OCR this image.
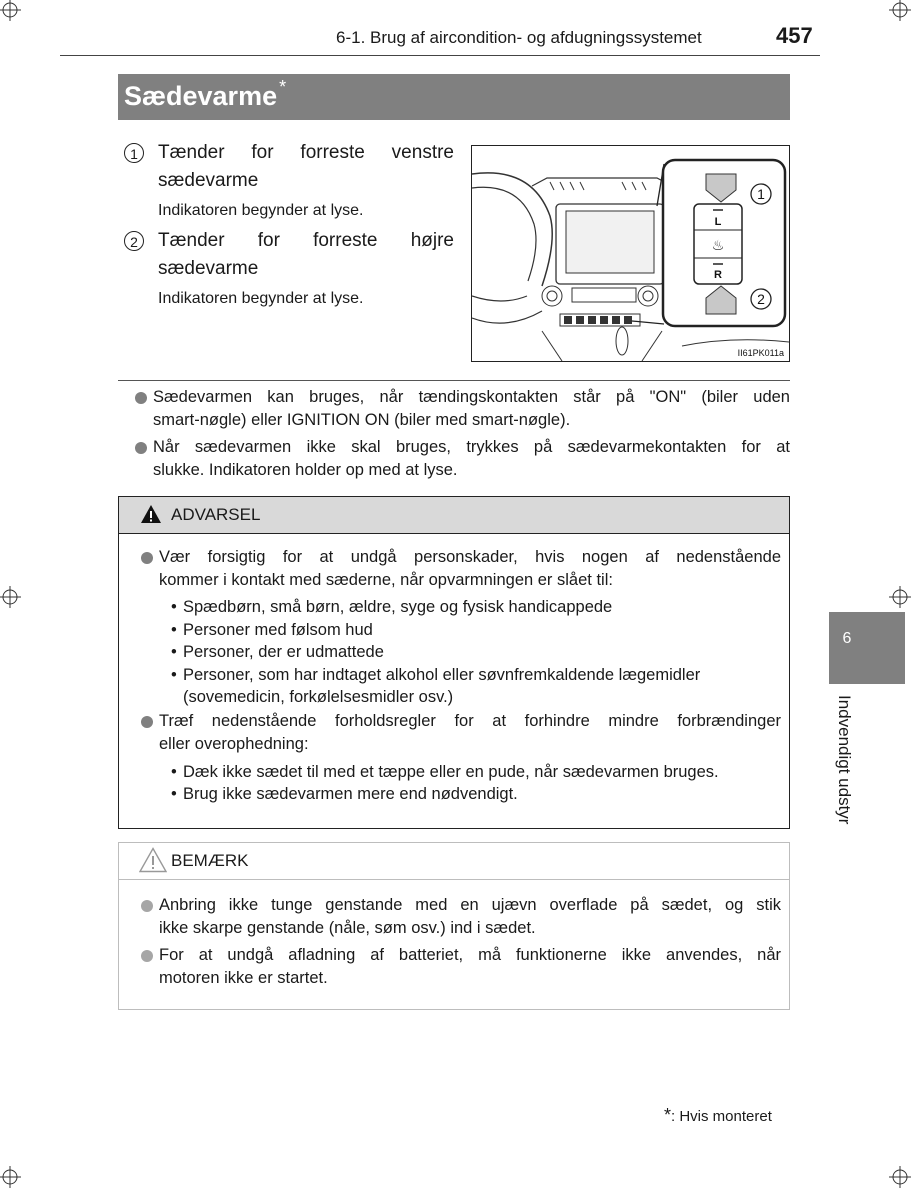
6-1. Brug af aircondition- og afdugningssystemet	457
Sædevarme *
1	Tænder for forreste venstre
sædevarme
Indikatoren begynder at lyse.
2	Tænder for forreste højre
sædevarme
Indikatoren begynder at lyse.
L
♨
R
1
2
II61PK011a
Sædevarmen kan bruges, når tændingskontakten står på "ON" (biler uden
smart-nøgle) eller IGNITION ON (biler med smart-nøgle).
Når sædevarmen ikke skal bruges, trykkes på sædevarmekontakten for at
slukke. Indikatoren holder op med at lyse.
ADVARSEL
Vær forsigtig for at undgå personskader, hvis nogen af nedenstående
kommer i kontakt med sæderne, når opvarmningen er slået til:
• Spædbørn, små børn, ældre, syge og fysisk handicappede
• Personer med følsom hud
• Personer, der er udmattede
• Personer, som har indtaget alkohol eller søvnfremkaldende lægemidler
(sovemedicin, forkølelsesmidler osv.)
Træf nedenstående forholdsregler for at forhindre mindre forbrændinger
eller overophedning:
• Dæk ikke sædet til med et tæppe eller en pude, når sædevarmen bruges.
• Brug ikke sædevarmen mere end nødvendigt.
BEMÆRK
Anbring ikke tunge genstande med en ujævn overflade på sædet, og stik
ikke skarpe genstande (nåle, søm osv.) ind i sædet.
For at undgå afladning af batteriet, må funktionerne ikke anvendes, når
motoren ikke er startet.
6
Indvendigt udstyr
*: Hvis monteret
